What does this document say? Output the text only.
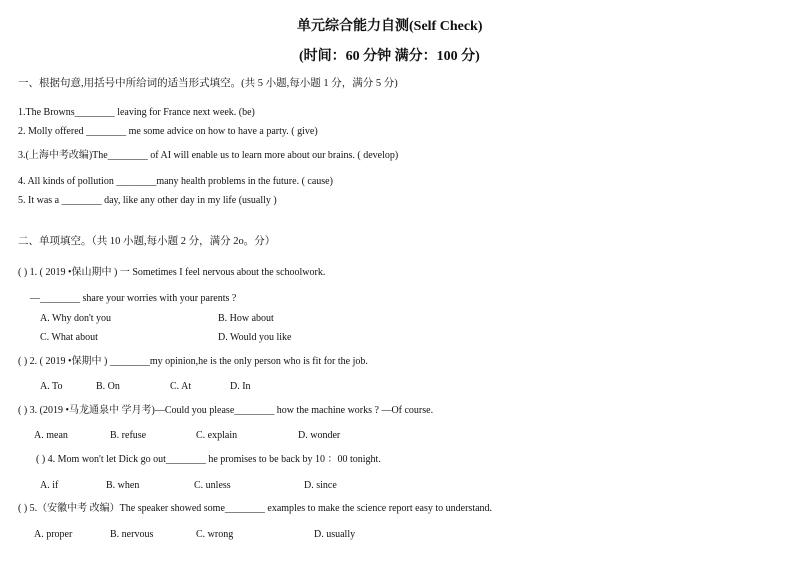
单元综合能力自测(Self Check)
(时间：60 分钟 满分：100 分)
一、根据句意,用括号中所给词的适当形式填空。(共 5 小题,每小题 1 分，满分 5 分)
1.The Browns________ leaving for France next week. (be)
2. Molly offered ________ me some advice on how to have a party. ( give)
3.(上海中考改编)The________ of AI will enable us to learn more about our brains. ( develop)
4. All kinds of pollution ________many health problems in the future. ( cause)
5. It was a ________ day, like any other day in my life (usually )
二、单项填空。（共 10 小题,每小题 2 分，满分 2o。分）
( ) 1. ( 2019 •保山期中 ) 一 Sometimes I feel nervous about the schoolwork.
—________ share your worries with your parents ?
A. Why don't you	B. How about
C. What about	D. Would you like
( ) 2. ( 2019 •保期中 ) ________my opinion,he is the only person who is fit for the job.
A. To	B. On	C. At	D. In
( ) 3. (2019 •马龙通泉中 学月考)—Could you please________ how the machine works ? —Of course.
A. mean	B. refuse	C. explain	D. wonder
( ) 4. Mom won't let Dick go out________ he promises to be back by 10 ：00 tonight.
A. if	B. when	C. unless	D. since
( ) 5.（安徽中考 改编）The speaker showed some________ examples to make the science report easy to understand.
A. proper	B. nervous	C. wrong	D. usually
